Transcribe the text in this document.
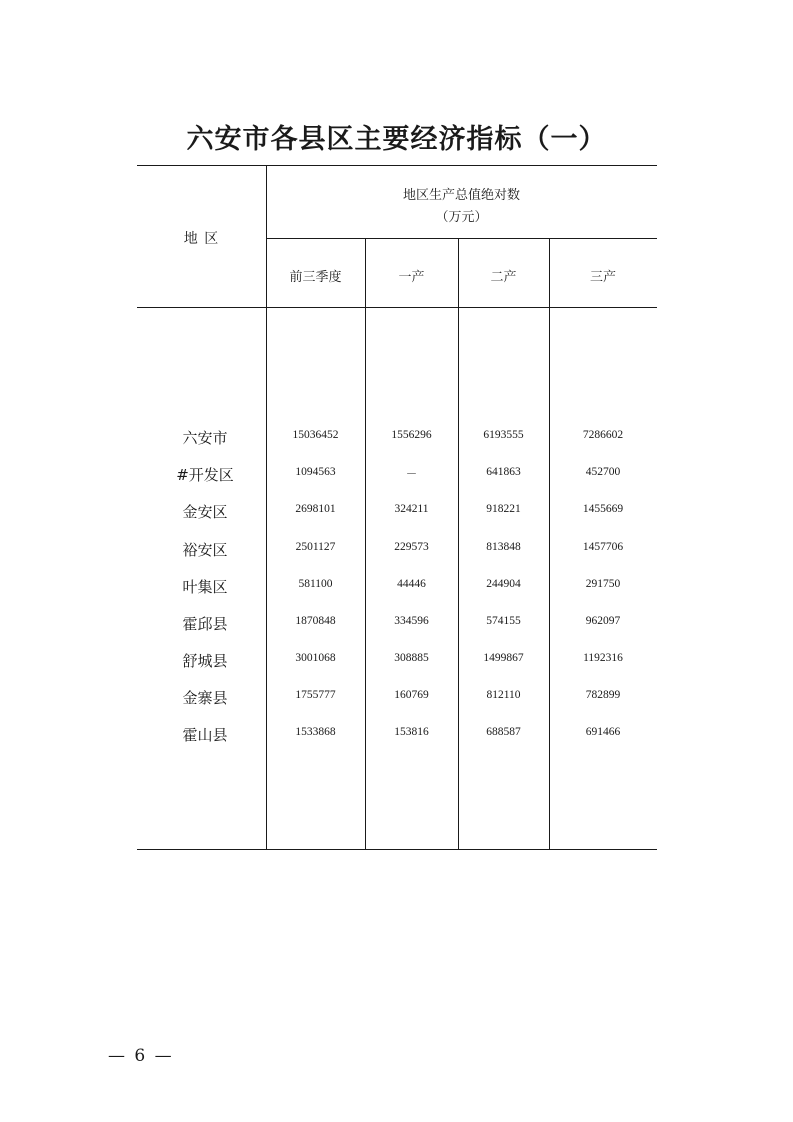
六安市各县区主要经济指标（一）
地 区
地区生产总值绝对数
（万元）
前三季度	一产	二产	三产
六安市	15036452	1556296	6193555	7286602
#开发区	1094563	－	641863	452700
金安区	2698101	324211	918221	1455669
裕安区	2501127	229573	813848	1457706
叶集区	581100	44446	244904	291750
霍邱县	1870848	334596	574155	962097
舒城县	3001068	308885	1499867	1192316
金寨县	1755777	160769	812110	782899
霍山县	1533868	153816	688587	691466
— 6 —
